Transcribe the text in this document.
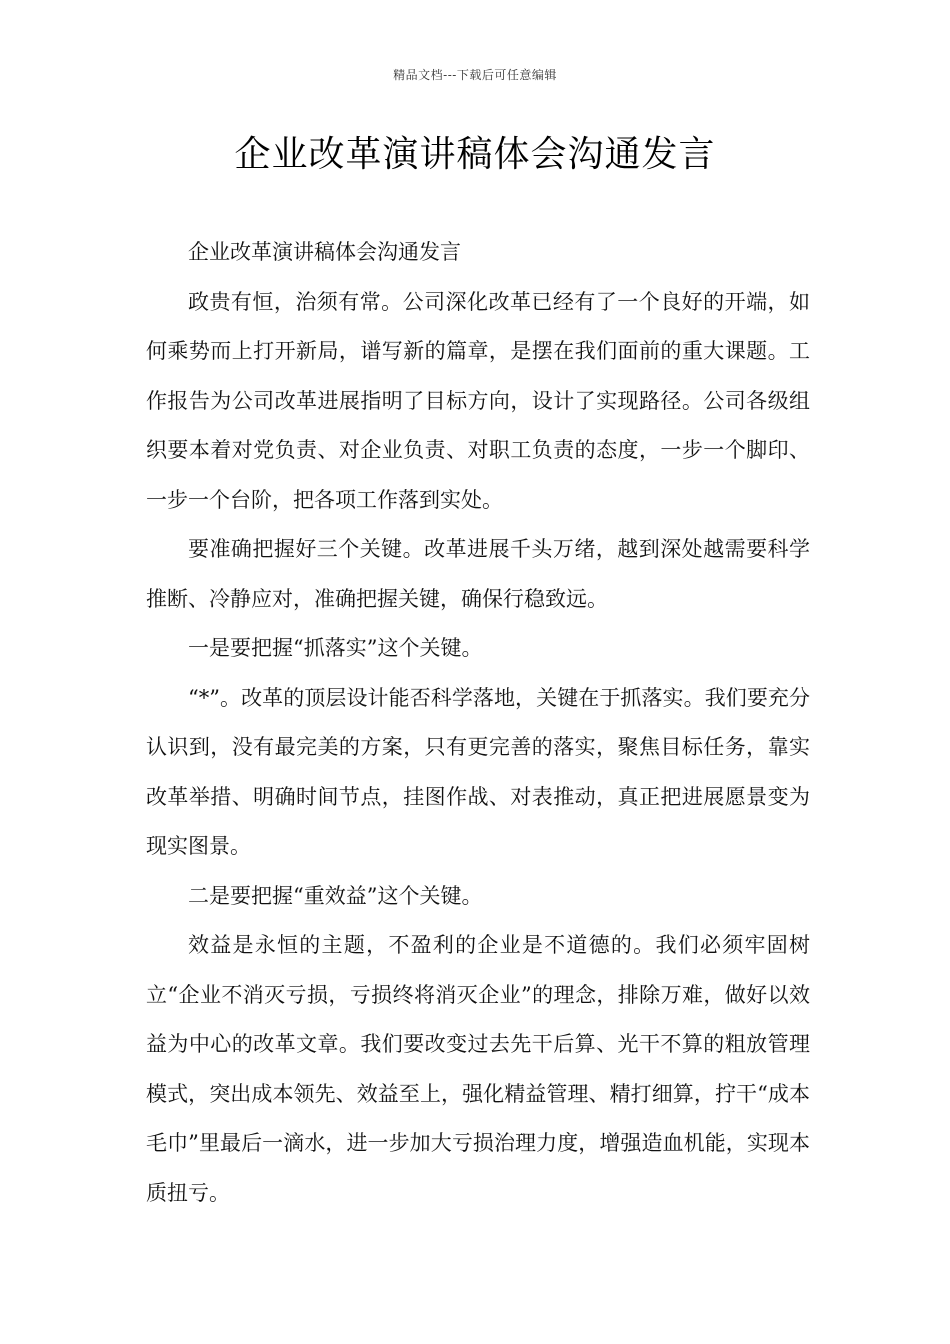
精品文档---下载后可任意编辑
企业改革演讲稿体会沟通发言

企业改革演讲稿体会沟通发言

政贵有恒，治须有常。公司深化改革已经有了一个良好的开端，如何乘势而上打开新局，谱写新的篇章，是摆在我们面前的重大课题。工作报告为公司改革进展指明了目标方向，设计了实现路径。公司各级组织要本着对党负责、对企业负责、对职工负责的态度，一步一个脚印、一步一个台阶，把各项工作落到实处。

要准确把握好三个关键。改革进展千头万绪，越到深处越需要科学推断、冷静应对，准确把握关键，确保行稳致远。

一是要把握“抓落实”这个关键。

“*”。改革的顶层设计能否科学落地，关键在于抓落实。我们要充分认识到，没有最完美的方案，只有更完善的落实，聚焦目标任务，靠实改革举措、明确时间节点，挂图作战、对表推动，真正把进展愿景变为现实图景。

二是要把握“重效益”这个关键。

效益是永恒的主题，不盈利的企业是不道德的。我们必须牢固树立“企业不消灭亏损，亏损终将消灭企业”的理念，排除万难，做好以效益为中心的改革文章。我们要改变过去先干后算、光干不算的粗放管理模式，突出成本领先、效益至上，强化精益管理、精打细算，拧干“成本毛巾”里最后一滴水，进一步加大亏损治理力度，增强造血机能，实现本质扭亏。
